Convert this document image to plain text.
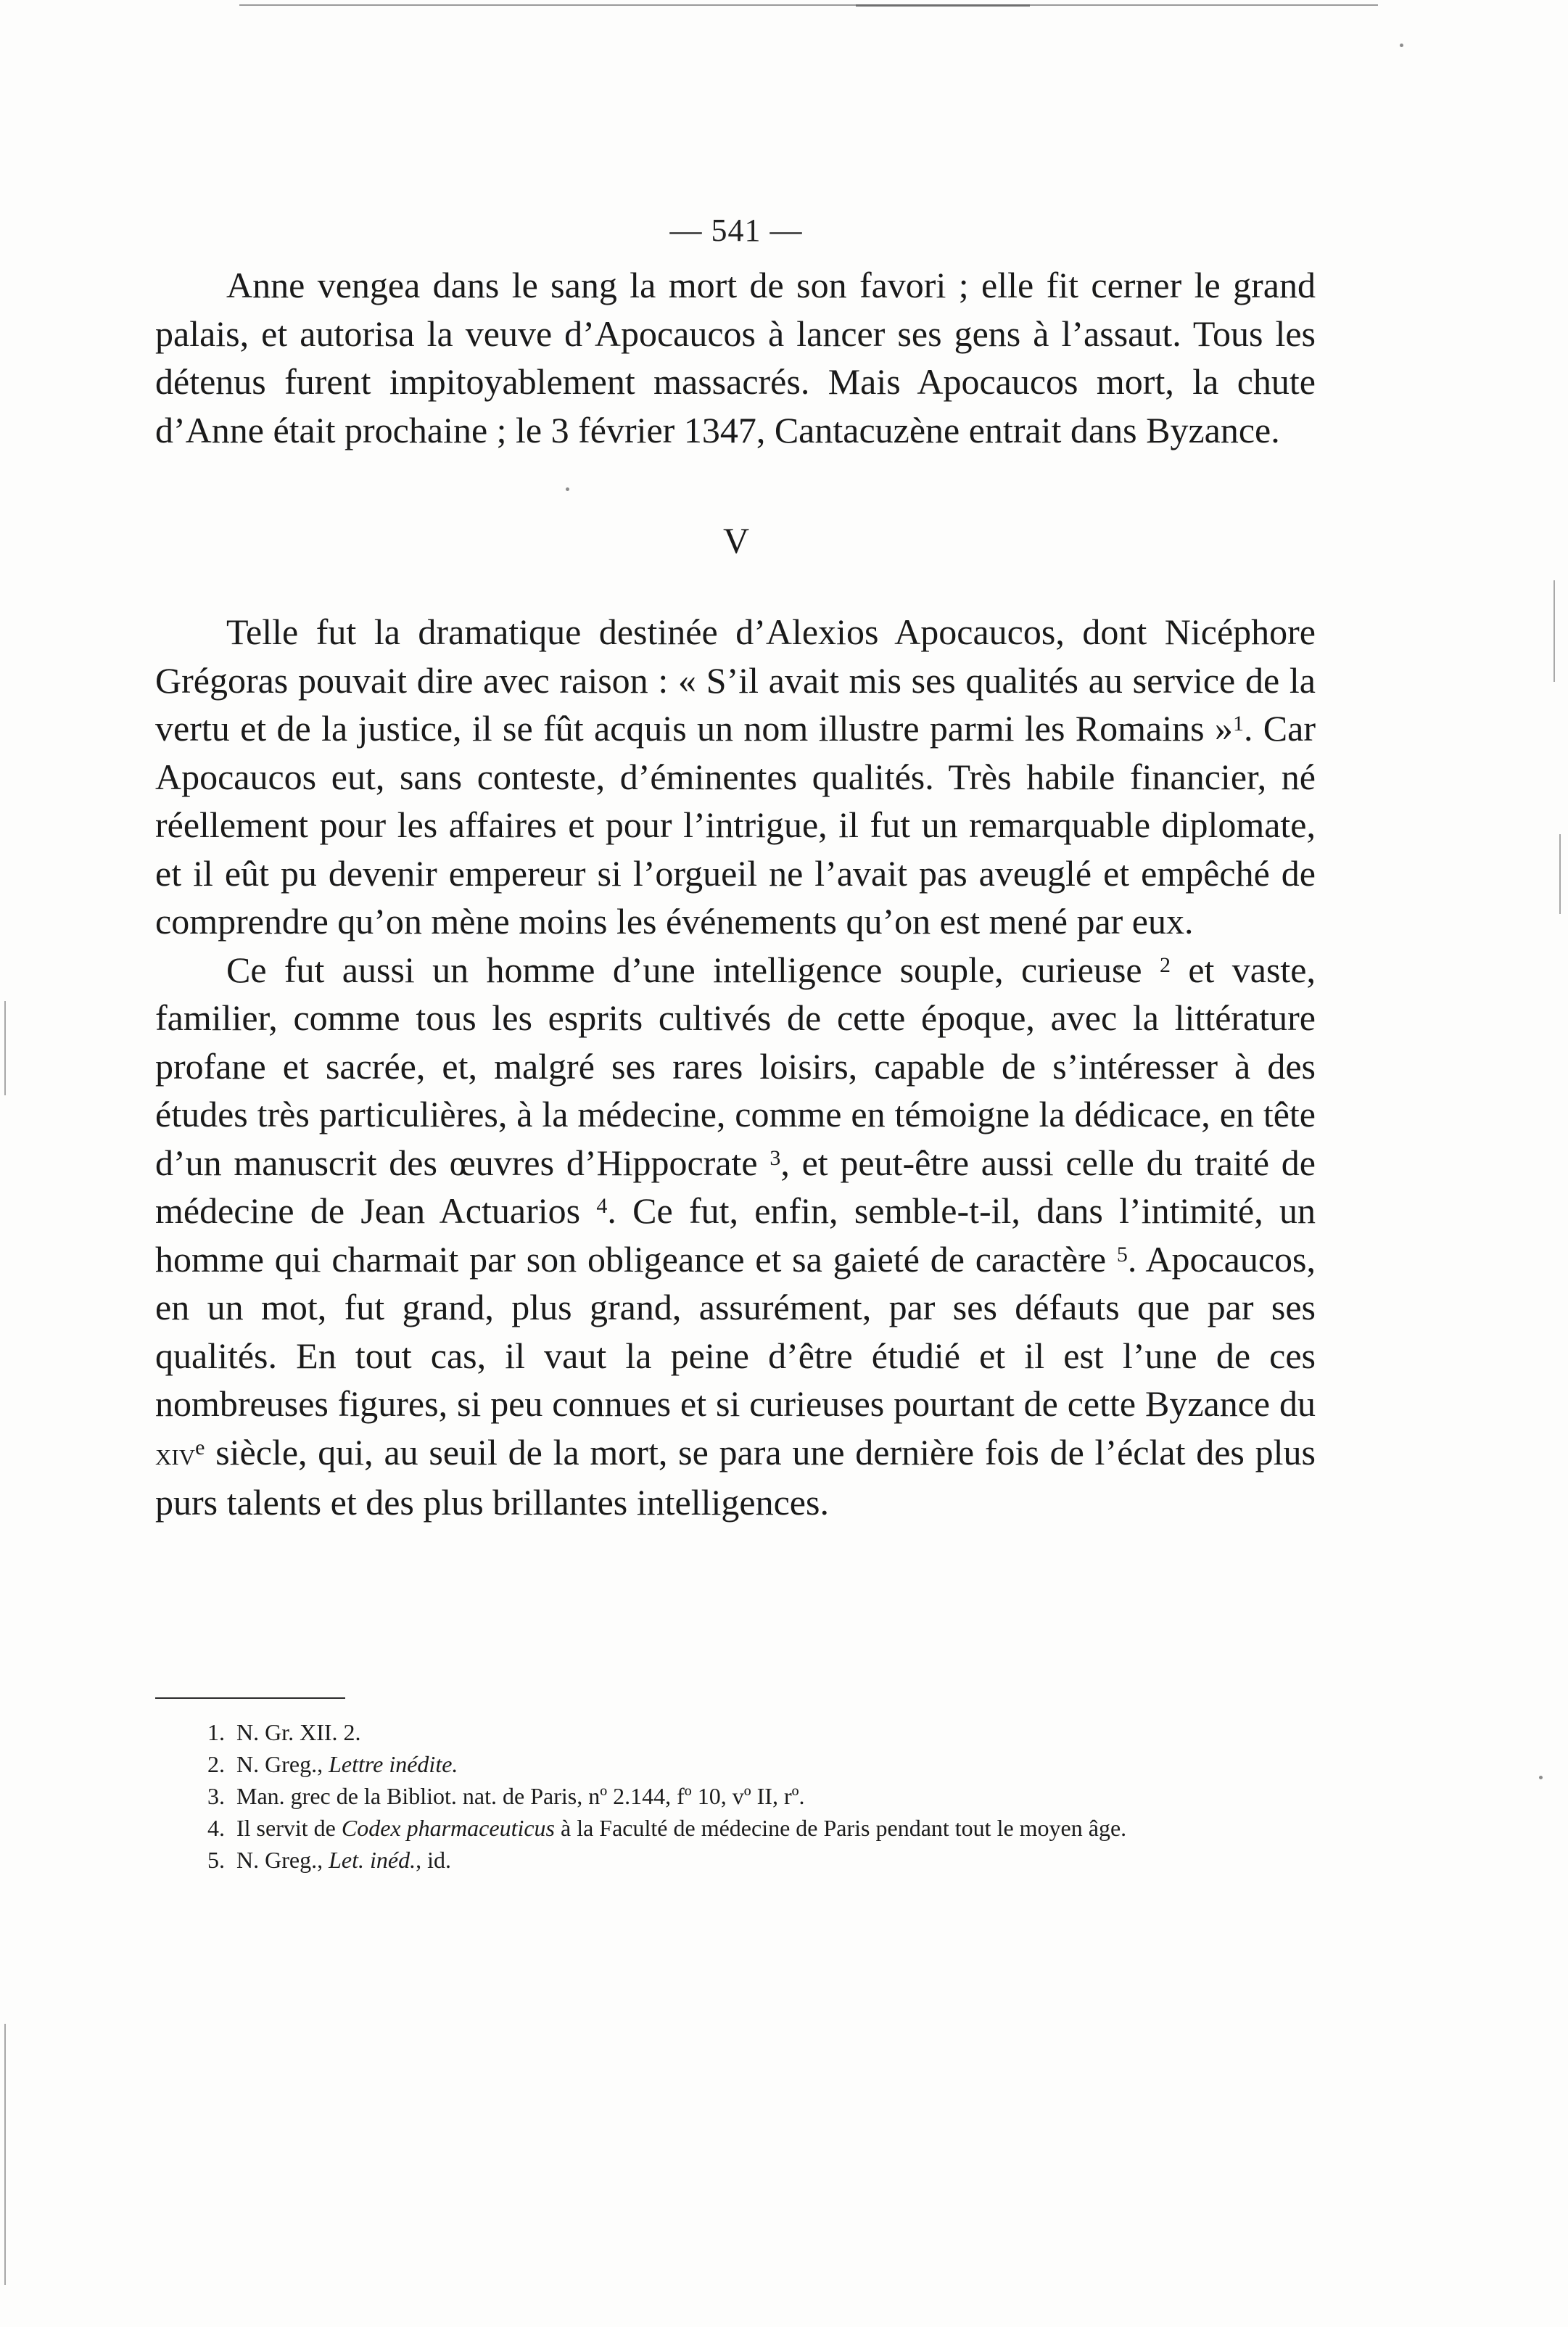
— 541 —

Anne vengea dans le sang la mort de son favori ; elle fit cerner le grand palais, et autorisa la veuve d’Apocaucos à lancer ses gens à l’assaut. Tous les détenus furent impitoyablement massacrés. Mais Apocaucos mort, la chute d’Anne était prochaine ; le 3 février 1347, Cantacuzène entrait dans Byzance.

V

Telle fut la dramatique destinée d’Alexios Apocaucos, dont Nicéphore Grégoras pouvait dire avec raison : « S’il avait mis ses qualités au service de la vertu et de la justice, il se fût acquis un nom illustre parmi les Romains »$^1$. Car Apocaucos eut, sans conteste, d’éminentes qualités. Très habile financier, né réellement pour les affaires et pour l’intrigue, il fut un remarquable diplomate, et il eût pu devenir empereur si l’orgueil ne l’avait pas aveuglé et empêché de comprendre qu’on mène moins les événements qu’on est mené par eux.

Ce fut aussi un homme d’une intelligence souple, curieuse $^2$ et vaste, familier, comme tous les esprits cultivés de cette époque, avec la littérature profane et sacrée, et, malgré ses rares loisirs, capable de s’intéresser à des études très particulières, à la médecine, comme en témoigne la dédicace, en tête d’un manuscrit des œuvres d’Hippocrate $^3$, et peut-être aussi celle du traité de médecine de Jean Actuarios $^4$. Ce fut, enfin, semble-t-il, dans l’intimité, un homme qui charmait par son obligeance et sa gaieté de caractère $^5$. Apocaucos, en un mot, fut grand, plus grand, assurément, par ses défauts que par ses qualités. En tout cas, il vaut la peine d’être étudié et il est l’une de ces nombreuses figures, si peu connues et si curieuses pourtant de cette Byzance du xiv$^e$ siècle, qui, au seuil de la mort, se para une dernière fois de l’éclat des plus purs talents et des plus brillantes intelligences.

1. N. Gr. XII. 2.
2. N. Greg., Lettre inédite.
3. Man. grec de la Bibliot. nat. de Paris, nº 2.144, fº 10, vº II, rº.
4. Il servit de Codex pharmaceuticus à la Faculté de médecine de Paris pendant tout le moyen âge.
5. N. Greg., Let. inéd., id.
